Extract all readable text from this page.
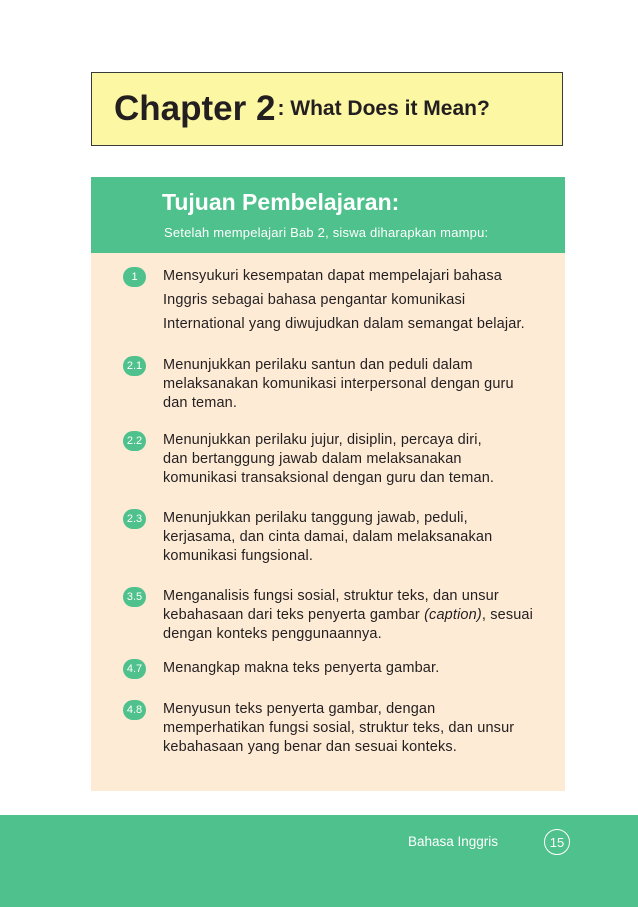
Chapter 2 : What Does it Mean?
Tujuan Pembelajaran:
Setelah mempelajari Bab 2, siswa diharapkan mampu:
1	Mensyukuri kesempatan dapat mempelajari bahasa
Inggris sebagai bahasa pengantar komunikasi
International yang diwujudkan dalam semangat belajar.
2.1 Menunjukkan perilaku santun dan peduli dalam
melaksanakan komunikasi interpersonal dengan guru
dan teman.
2.2 Menunjukkan perilaku jujur, disiplin, percaya diri,
dan bertanggung jawab dalam melaksanakan
komunikasi transaksional dengan guru dan teman.
2.3 Menunjukkan perilaku tanggung jawab, peduli,
kerjasama, dan cinta damai, dalam melaksanakan
komunikasi fungsional.
3.5 Menganalisis fungsi sosial, struktur teks, dan unsur
kebahasaan dari teks penyerta gambar (caption), sesuai
dengan konteks penggunaannya.
4.7 Menangkap makna teks penyerta gambar.
4.8 Menyusun teks penyerta gambar, dengan
memperhatikan fungsi sosial, struktur teks, dan unsur
kebahasaan yang benar dan sesuai konteks.
Bahasa Inggris	15
